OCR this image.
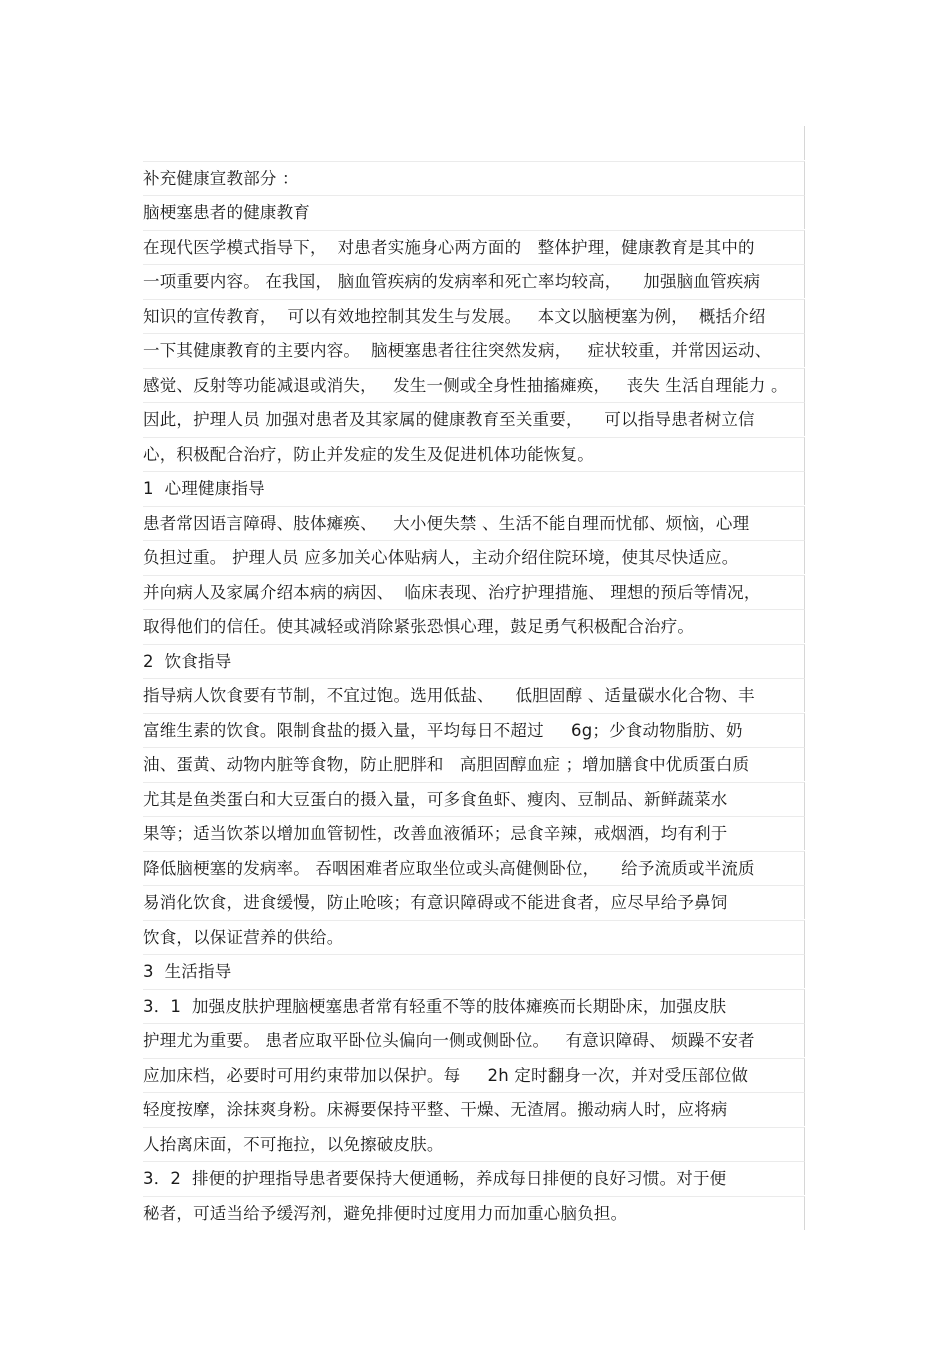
补充健康宣教部分 ：
脑梗塞患者的健康教育
在现代医学模式指导下，  对患者实施身心两方面的   整体护理，健康教育是其中的
一项重要内容。 在我国， 脑血管疾病的发病率和死亡率均较高，    加强脑血管疾病
知识的宣传教育，  可以有效地控制其发生与发展。   本文以脑梗塞为例，  概括介绍
一下其健康教育的主要内容。  脑梗塞患者往往突然发病，   症状较重，并常因运动、
感觉、反射等功能减退或消失，   发生一侧或全身性抽搐瘫痪，   丧失 生活自理能力 。
因此，护理人员 加强对患者及其家属的健康教育至关重要，    可以指导患者树立信
心，积极配合治疗，防止并发症的发生及促进机体功能恢复。
1  心理健康指导
患者常因语言障碍、肢体瘫痪、   大小便失禁 、生活不能自理而忧郁、烦恼，心理
负担过重。 护理人员 应多加关心体贴病人，主动介绍住院环境，使其尽快适应。
并向病人及家属介绍本病的病因、  临床表现、治疗护理措施、 理想的预后等情况，
取得他们的信任。使其减轻或消除紧张恐惧心理，鼓足勇气积极配合治疗。
2  饮食指导
指导病人饮食要有节制，不宜过饱。选用低盐、    低胆固醇 、适量碳水化合物、丰
富维生素的饮食。限制食盐的摄入量，平均每日不超过     6g；少食动物脂肪、奶
油、蛋黄、动物内脏等食物，防止肥胖和   高胆固醇血症 ；增加膳食中优质蛋白质
尤其是鱼类蛋白和大豆蛋白的摄入量，可多食鱼虾、瘦肉、豆制品、新鲜蔬菜水
果等；适当饮茶以增加血管韧性，改善血液循环；忌食辛辣，戒烟酒，均有利于
降低脑梗塞的发病率。 吞咽困难者应取坐位或头高健侧卧位，    给予流质或半流质
易消化饮食，进食缓慢，防止呛咳；有意识障碍或不能进食者，应尽早给予鼻饲
饮食，以保证营养的供给。
3  生活指导
3．1  加强皮肤护理脑梗塞患者常有轻重不等的肢体瘫痪而长期卧床，加强皮肤
护理尤为重要。 患者应取平卧位头偏向一侧或侧卧位。   有意识障碍、 烦躁不安者
应加床档，必要时可用约束带加以保护。每     2h 定时翻身一次，并对受压部位做
轻度按摩，涂抹爽身粉。床褥要保持平整、干燥、无渣屑。搬动病人时，应将病
人抬离床面，不可拖拉，以免擦破皮肤。
3．2  排便的护理指导患者要保持大便通畅，养成每日排便的良好习惯。对于便
秘者，可适当给予缓泻剂，避免排便时过度用力而加重心脑负担。
